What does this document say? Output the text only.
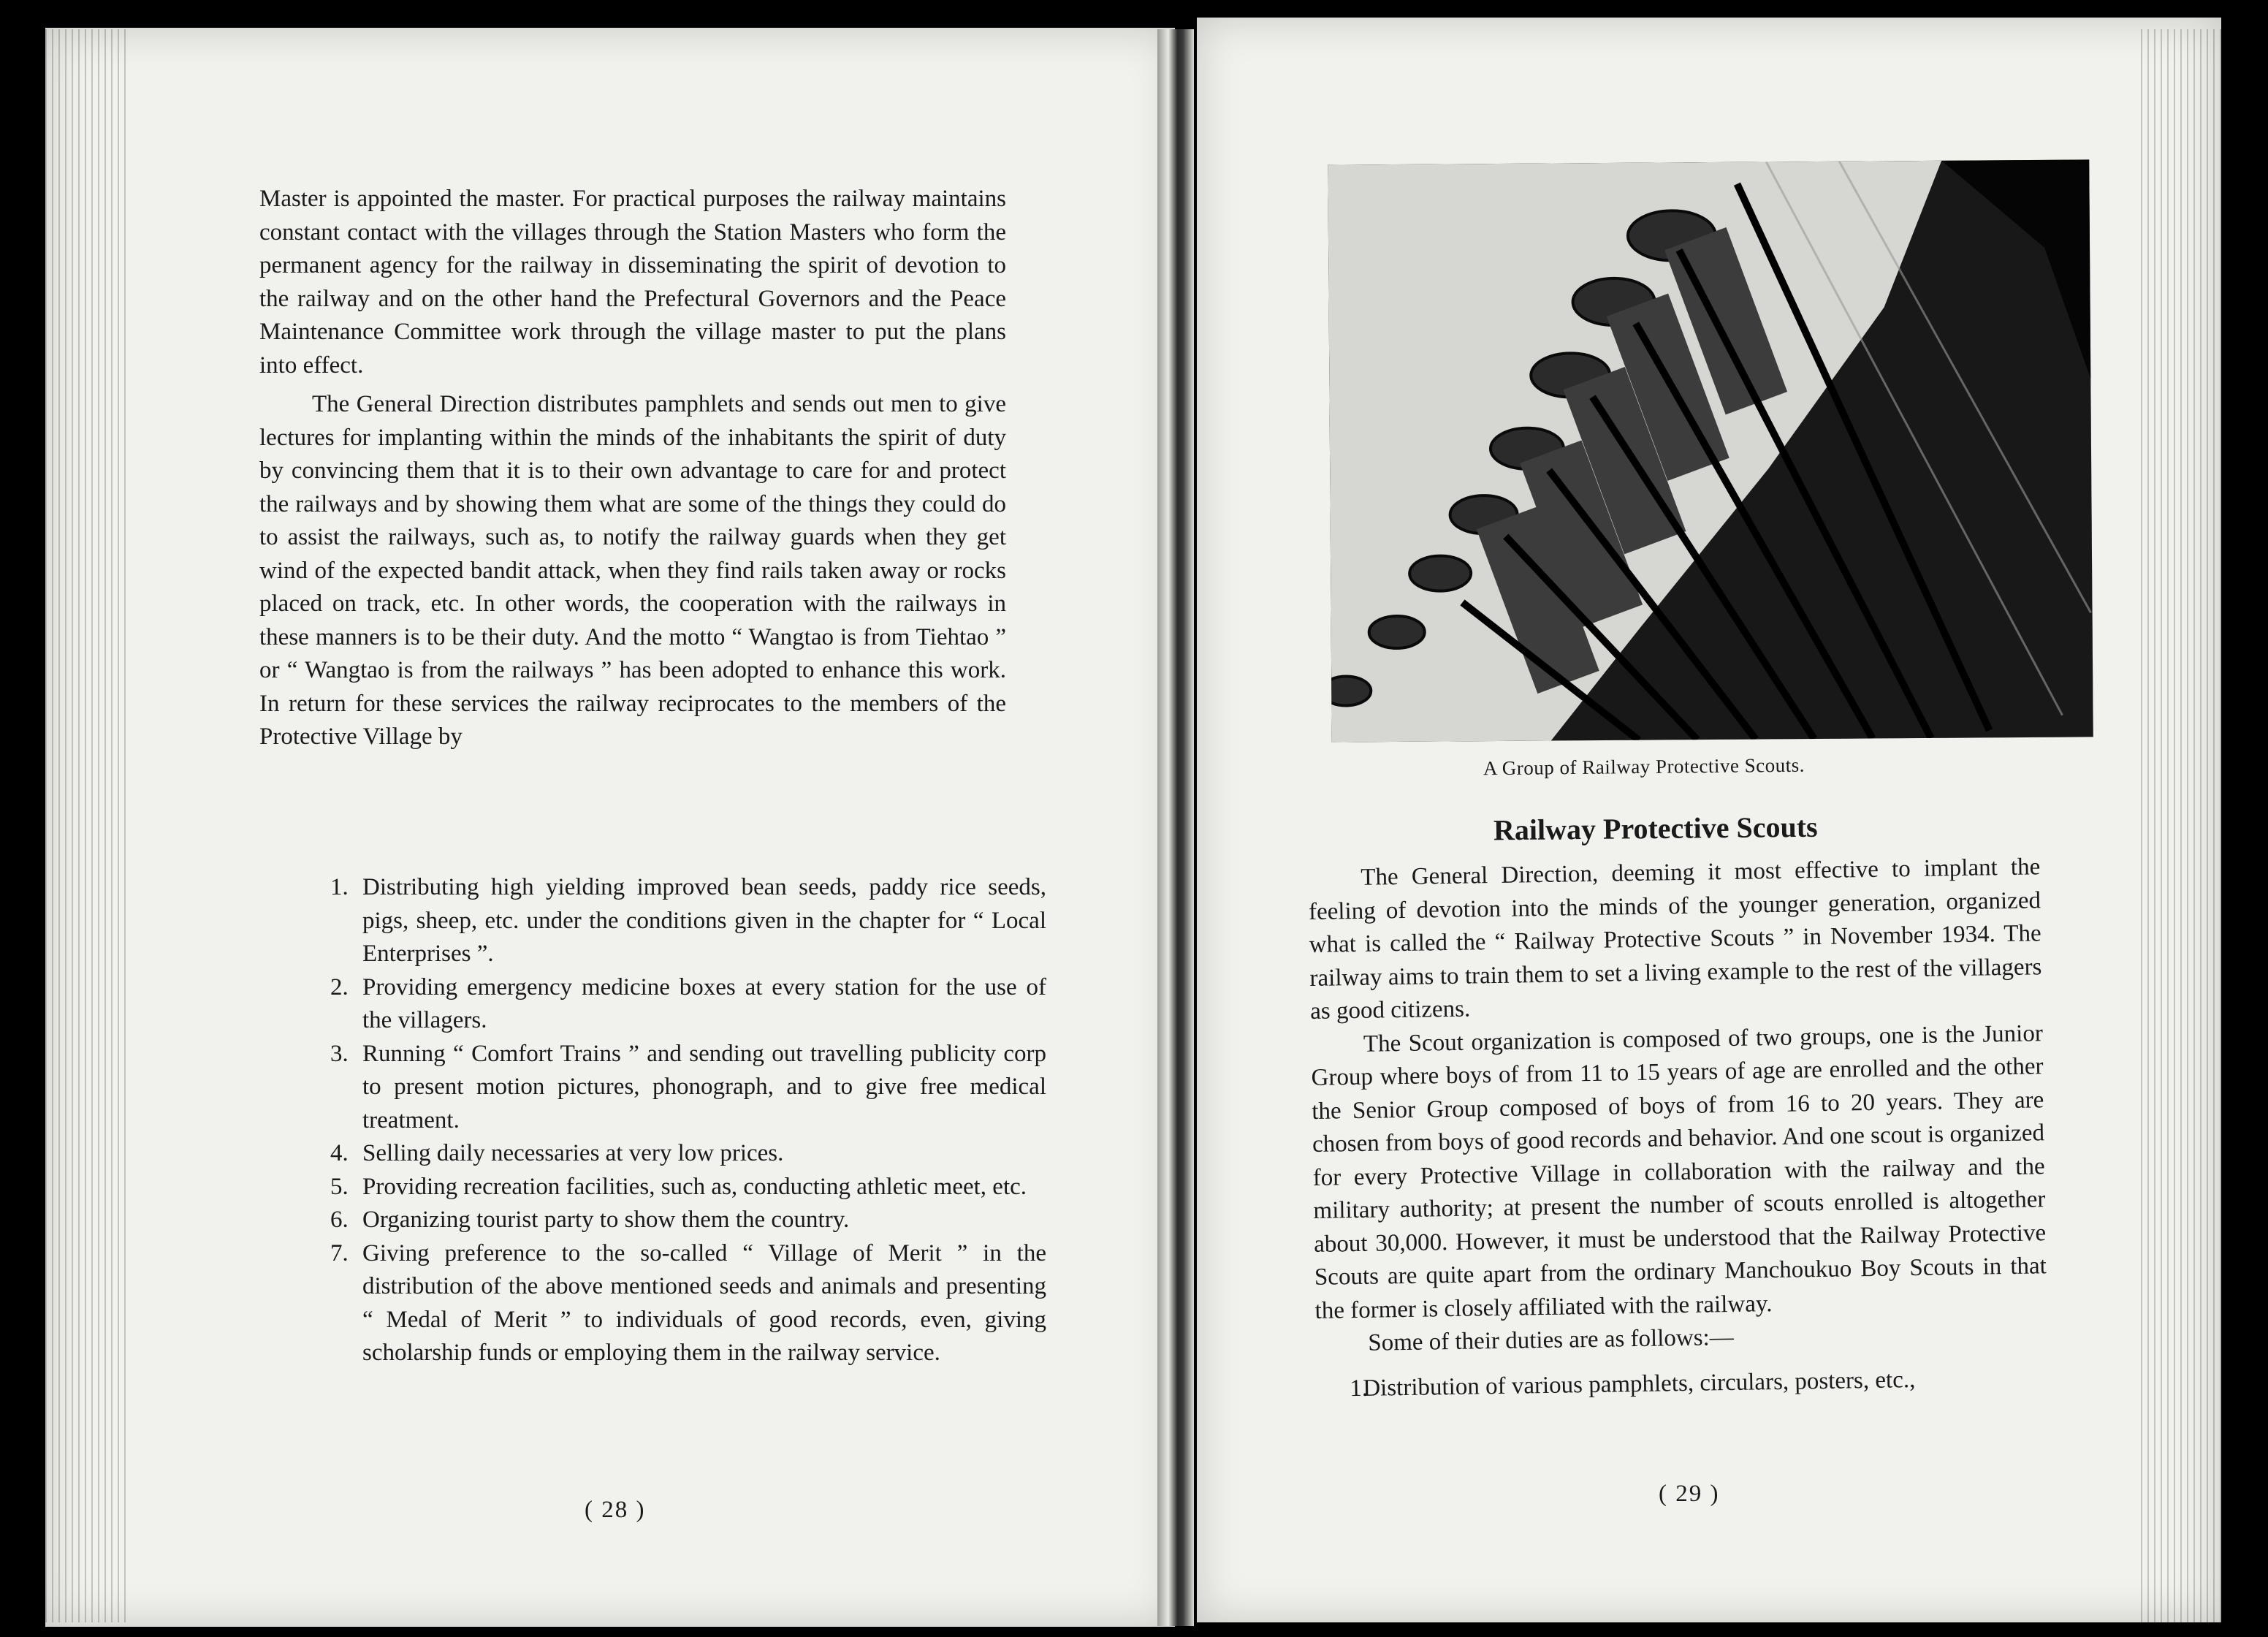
Master is appointed the master. For practical purposes the railway maintains constant contact with the villages through the Station Masters who form the permanent agency for the railway in disseminating the spirit of devotion to the railway and on the other hand the Prefectural Governors and the Peace Maintenance Committee work through the village master to put the plans into effect.

The General Direction distributes pamphlets and sends out men to give lectures for implanting within the minds of the inhabitants the spirit of duty by convincing them that it is to their own advantage to care for and protect the railways and by showing them what are some of the things they could do to assist the railways, such as, to notify the railway guards when they get wind of the expected bandit attack, when they find rails taken away or rocks placed on track, etc. In other words, the cooperation with the railways in these manners is to be their duty. And the motto “ Wangtao is from Tiehtao ” or “ Wangtao is from the railways ” has been adopted to enhance this work. In return for these services the railway reciprocates to the members of the Protective Village by

1. Distributing high yielding improved bean seeds, paddy rice seeds, pigs, sheep, etc. under the conditions given in the chapter for “ Local Enterprises ”.
2. Providing emergency medicine boxes at every station for the use of the villagers.
3. Running “ Comfort Trains ” and sending out travelling publicity corp to present motion pictures, phonograph, and to give free medical treatment.
4. Selling daily necessaries at very low prices.
5. Providing recreation facilities, such as, conducting athletic meet, etc.
6. Organizing tourist party to show them the country.
7. Giving preference to the so-called “ Village of Merit ” in the distribution of the above mentioned seeds and animals and presenting “ Medal of Merit ” to individuals of good records, even, giving scholarship funds or employing them in the railway service.
( 28 )
A Group of Railway Protective Scouts.
Railway Protective Scouts

The General Direction, deeming it most effective to implant the feeling of devotion into the minds of the younger generation, organized what is called the “ Railway Protective Scouts ” in November 1934. The railway aims to train them to set a living example to the rest of the villagers as good citizens.

The Scout organization is composed of two groups, one is the Junior Group where boys of from 11 to 15 years of age are enrolled and the other the Senior Group composed of boys of from 16 to 20 years. They are chosen from boys of good records and behavior. And one scout is organized for every Protective Village in collaboration with the railway and the military authority; at present the number of scouts enrolled is altogether about 30,000. However, it must be understood that the Railway Protective Scouts are quite apart from the ordinary Manchoukuo Boy Scouts in that the former is closely affiliated with the railway.

Some of their duties are as follows:—

1.
Distribution of various pamphlets, circulars, posters, etc.,

( 29 )
